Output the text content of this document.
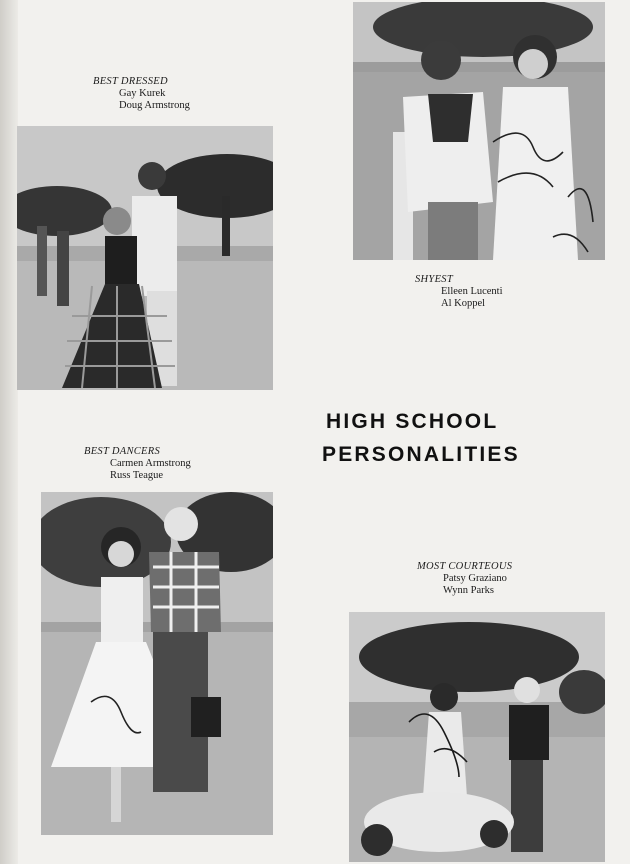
BEST DRESSED
Gay Kurek
Doug Armstrong
SHYEST
Elleen Lucenti
Al Koppel
HIGH SCHOOL
PERSONALITIES
BEST DANCERS
Carmen Armstrong
Russ Teague
MOST COURTEOUS
Patsy Graziano
Wynn Parks
